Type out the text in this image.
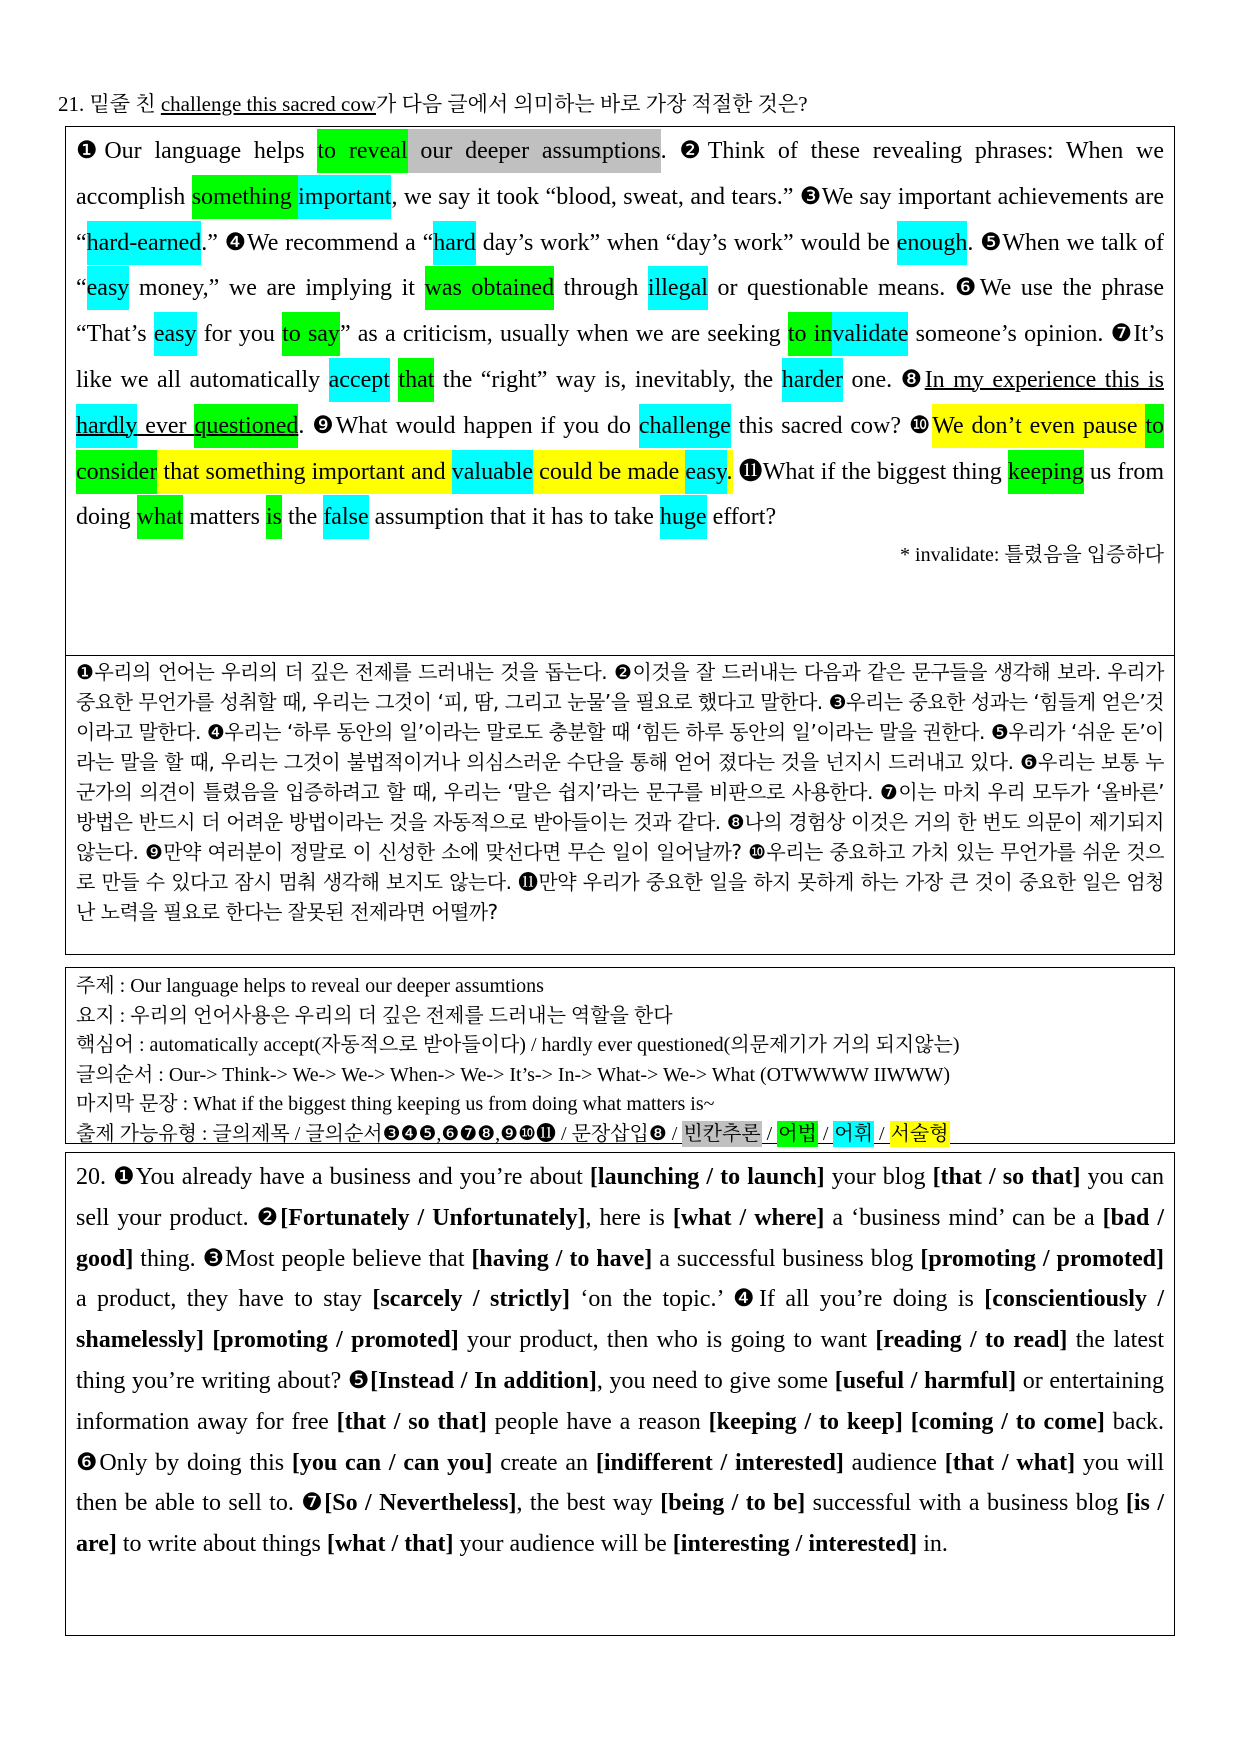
21. 밑줄 친 challenge this sacred cow가 다음 글에서 의미하는 바로 가장 적절한 것은?
❶Our language helps to reveal our deeper assumptions. ❷Think of these revealing phrases: When we accomplish something important, we say it took “blood, sweat, and tears.” ❸We say important achievements are “hard-earned.” ❹We recommend a “hard day’s work” when “day’s work” would be enough. ❺When we talk of “easy money,” we are implying it was obtained through illegal or questionable means. ❻We use the phrase “That’s easy for you to say” as a criticism, usually when we are seeking to invalidate someone’s opinion. ❼It’s like we all automatically accept that the “right” way is, inevitably, the harder one. ❽In my experience this is hardly ever questioned. ❾What would happen if you do challenge this sacred cow? ❿We don’t even pause to consider that something important and valuable could be made easy. ⓫What if the biggest thing keeping us from doing what matters is the false assumption that it has to take huge effort?
* invalidate: 틀렸음을 입증하다
❶우리의 언어는 우리의 더 깊은 전제를 드러내는 것을 돕는다. ❷이것을 잘 드러내는 다음과 같은 문구들을 생각해 보라. 우리가 중요한 무언가를 성취할 때, 우리는 그것이 ‘피, 땀, 그리고 눈물’을 필요로 했다고 말한다. ❸우리는 중요한 성과는 ‘힘들게 얻은’것이라고 말한다. ❹우리는 ‘하루 동안의 일’이라는 말로도 충분할 때 ‘힘든 하루 동안의 일’이라는 말을 권한다. ❺우리가 ‘쉬운 돈’이라는 말을 할 때, 우리는 그것이 불법적이거나 의심스러운 수단을 통해 얻어 졌다는 것을 넌지시 드러내고 있다. ❻우리는 보통 누군가의 의견이 틀렸음을 입증하려고 할 때, 우리는 ‘말은 쉽지’라는 문구를 비판으로 사용한다. ❼이는 마치 우리 모두가 ‘올바른’ 방법은 반드시 더 어려운 방법이라는 것을 자동적으로 받아들이는 것과 같다. ❽나의 경험상 이것은 거의 한 번도 의문이 제기되지 않는다. ❾만약 여러분이 정말로 이 신성한 소에 맞선다면 무슨 일이 일어날까? ❿우리는 중요하고 가치 있는 무언가를 쉬운 것으로 만들 수 있다고 잠시 멈춰 생각해 보지도 않는다. ⓫만약 우리가 중요한 일을 하지 못하게 하는 가장 큰 것이 중요한 일은 엄청난 노력을 필요로 한다는 잘못된 전제라면 어떨까?
주제 : Our language helps to reveal our deeper assumtions
요지 : 우리의 언어사용은 우리의 더 깊은 전제를 드러내는 역할을 한다
핵심어 : automatically accept(자동적으로 받아들이다) / hardly ever questioned(의문제기가 거의 되지않는)
글의순서 : Our-> Think-> We-> We-> When-> We-> It’s-> In-> What-> We-> What (OTWWWW IIWWW)
마지막 문장 : What if the biggest thing keeping us from doing what matters is~
출제 가능유형 : 글의제목 / 글의순서❸❹❺,❻❼❽,❾❿⓫ / 문장삽입❽ / 빈칸추론 / 어법 / 어휘 / 서술형
20. ❶You already have a business and you’re about [launching / to launch] your blog [that / so that] you can sell your product. ❷[Fortunately / Unfortunately], here is [what / where] a ‘business mind’ can be a [bad / good] thing. ❸Most people believe that [having / to have] a successful business blog [promoting / promoted] a product, they have to stay [scarcely / strictly] ‘on the topic.’ ❹If all you’re doing is [conscientiously / shamelessly] [promoting / promoted] your product, then who is going to want [reading / to read] the latest thing you’re writing about? ❺[Instead / In addition], you need to give some [useful / harmful] or entertaining information away for free [that / so that] people have a reason [keeping / to keep] [coming / to come] back. ❻Only by doing this [you can / can you] create an [indifferent / interested] audience [that / what] you will then be able to sell to. ❼[So / Nevertheless], the best way [being / to be] successful with a business blog [is / are] to write about things [what / that] your audience will be [interesting / interested] in.
